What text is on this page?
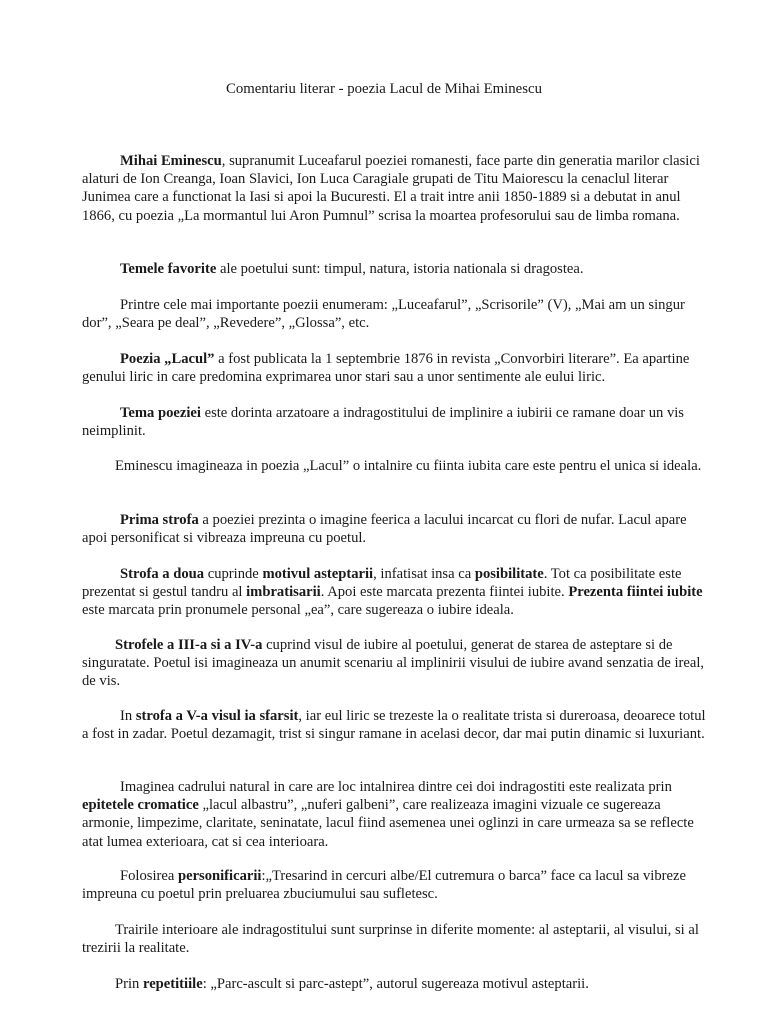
Comentariu literar - poezia Lacul de Mihai Eminescu

Mihai Eminescu, supranumit Luceafarul poeziei romanesti, face parte din generatia marilor clasici alaturi de Ion Creanga, Ioan Slavici, Ion Luca Caragiale grupati de Titu Maiorescu la cenaclul literar Junimea care a functionat la Iasi si apoi la Bucuresti. El a trait intre anii 1850-1889 si a debutat in anul 1866, cu poezia „La mormantul lui Aron Pumnul” scrisa la moartea profesorului sau de limba romana.

Temele favorite ale poetului sunt: timpul, natura, istoria nationala si dragostea.

Printre cele mai importante poezii enumeram: „Luceafarul”, „Scrisorile” (V), „Mai am un singur dor”, „Seara pe deal”, „Revedere”, „Glossa”, etc.

Poezia „Lacul” a fost publicata la 1 septembrie 1876 in revista „Convorbiri literare”. Ea apartine genului liric in care predomina exprimarea unor stari sau a unor sentimente ale eului liric.

Tema poeziei este dorinta arzatoare a indragostitului de implinire a iubirii ce ramane doar un vis neimplinit.

Eminescu imagineaza in poezia „Lacul” o intalnire cu fiinta iubita care este pentru el unica si ideala.

Prima strofa a poeziei prezinta o imagine feerica a lacului incarcat cu flori de nufar. Lacul apare apoi personificat si vibreaza impreuna cu poetul.

Strofa a doua cuprinde motivul asteptarii, infatisat insa ca posibilitate. Tot ca posibilitate este prezentat si gestul tandru al imbratisarii. Apoi este marcata prezenta fiintei iubite. Prezenta fiintei iubite este marcata prin pronumele personal „ea”, care sugereaza o iubire ideala.

Strofele a III-a si a IV-a cuprind visul de iubire al poetului, generat de starea de asteptare si de singuratate. Poetul isi imagineaza un anumit scenariu al implinirii visului de iubire avand senzatia de ireal, de vis.

In strofa a V-a visul ia sfarsit, iar eul liric se trezeste la o realitate trista si dureroasa, deoarece totul a fost in zadar. Poetul dezamagit, trist si singur ramane in acelasi decor, dar mai putin dinamic si luxuriant.

Imaginea cadrului natural in care are loc intalnirea dintre cei doi indragostiti este realizata prin epitetele cromatice „lacul albastru”, „nuferi galbeni”, care realizeaza imagini vizuale ce sugereaza armonie, limpezime, claritate, seninatate, lacul fiind asemenea unei oglinzi in care urmeaza sa se reflecte atat lumea exterioara, cat si cea interioara.

Folosirea personificarii:„Tresarind in cercuri albe/El cutremura o barca” face ca lacul sa vibreze impreuna cu poetul prin preluarea zbuciumului sau sufletesc.

Trairile interioare ale indragostitului sunt surprinse in diferite momente: al asteptarii, al visului, si al trezirii la realitate.

Prin repetitiile: „Parc-ascult si parc-astept”, autorul sugereaza motivul asteptarii.
